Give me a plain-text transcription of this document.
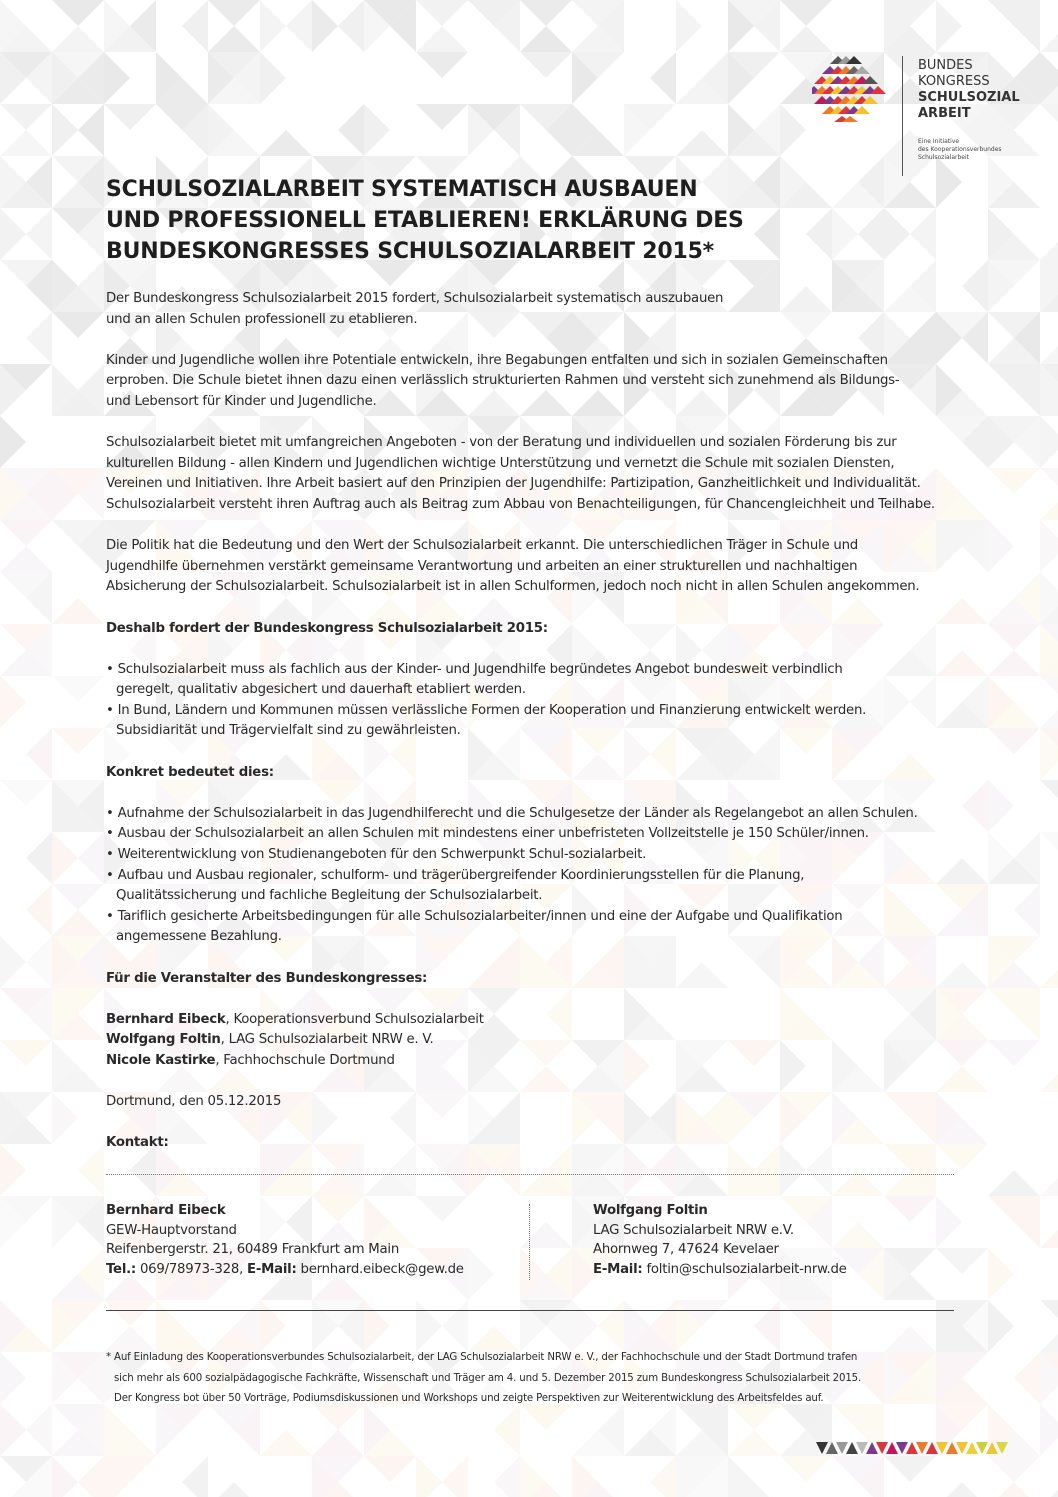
BUNDES
KONGRESS
SCHULSOZIAL
ARBEIT
Eine Initiative
des Kooperationsverbundes
Schulsozialarbeit
SCHULSOZIALARBEIT SYSTEMATISCH AUSBAUEN
UND PROFESSIONELL ETABLIEREN! ERKLÄRUNG DES
BUNDESKONGRESSES SCHULSOZIALARBEIT 2015*
Der Bundeskongress Schulsozialarbeit 2015 fordert, Schulsozialarbeit systematisch auszubauen
und an allen Schulen professionell zu etablieren.
Kinder und Jugendliche wollen ihre Potentiale entwickeln, ihre Begabungen entfalten und sich in sozialen Gemeinschaften
erproben. Die Schule bietet ihnen dazu einen verlässlich strukturierten Rahmen und versteht sich zunehmend als Bildungs-
und Lebensort für Kinder und Jugendliche.
Schulsozialarbeit bietet mit umfangreichen Angeboten - von der Beratung und individuellen und sozialen Förderung bis zur
kulturellen Bildung - allen Kindern und Jugendlichen wichtige Unterstützung und vernetzt die Schule mit sozialen Diensten,
Vereinen und Initiativen. Ihre Arbeit basiert auf den Prinzipien der Jugendhilfe: Partizipation, Ganzheitlichkeit und Individualität.
Schulsozialarbeit versteht ihren Auftrag auch als Beitrag zum Abbau von Benachteiligungen, für Chancengleichheit und Teilhabe.
Die Politik hat die Bedeutung und den Wert der Schulsozialarbeit erkannt. Die unterschiedlichen Träger in Schule und
Jugendhilfe übernehmen verstärkt gemeinsame Verantwortung und arbeiten an einer strukturellen und nachhaltigen
Absicherung der Schulsozialarbeit. Schulsozialarbeit ist in allen Schulformen, jedoch noch nicht in allen Schulen angekommen.
Deshalb fordert der Bundeskongress Schulsozialarbeit 2015:
• Schulsozialarbeit muss als fachlich aus der Kinder- und Jugendhilfe begründetes Angebot bundesweit verbindlich
geregelt, qualitativ abgesichert und dauerhaft etabliert werden.
• In Bund, Ländern und Kommunen müssen verlässliche Formen der Kooperation und Finanzierung entwickelt werden.
Subsidiarität und Trägervielfalt sind zu gewährleisten.
Konkret bedeutet dies:
• Aufnahme der Schulsozialarbeit in das Jugendhilferecht und die Schulgesetze der Länder als Regelangebot an allen Schulen.
• Ausbau der Schulsozialarbeit an allen Schulen mit mindestens einer unbefristeten Vollzeitstelle je 150 Schüler/innen.
• Weiterentwicklung von Studienangeboten für den Schwerpunkt Schul-sozialarbeit.
• Aufbau und Ausbau regionaler, schulform- und trägerübergreifender Koordinierungsstellen für die Planung,
Qualitätssicherung und fachliche Begleitung der Schulsozialarbeit.
• Tariflich gesicherte Arbeitsbedingungen für alle Schulsozialarbeiter/innen und eine der Aufgabe und Qualifikation
angemessene Bezahlung.
Für die Veranstalter des Bundeskongresses:
Bernhard Eibeck, Kooperationsverbund Schulsozialarbeit
Wolfgang Foltin, LAG Schulsozialarbeit NRW e. V.
Nicole Kastirke, Fachhochschule Dortmund
Dortmund, den 05.12.2015
Kontakt:
Bernhard Eibeck
GEW-Hauptvorstand
Reifenbergerstr. 21, 60489 Frankfurt am Main
Tel.: 069/78973-328, E-Mail: bernhard.eibeck@gew.de
Wolfgang Foltin
LAG Schulsozialarbeit NRW e.V.
Ahornweg 7, 47624 Kevelaer
E-Mail: foltin@schulsozialarbeit-nrw.de
* Auf Einladung des Kooperationsverbundes Schulsozialarbeit, der LAG Schulsozialarbeit NRW e. V., der Fachhochschule und der Stadt Dortmund trafen
sich mehr als 600 sozialpädagogische Fachkräfte, Wissenschaft und Träger am 4. und 5. Dezember 2015 zum Bundeskongress Schulsozialarbeit 2015.
Der Kongress bot über 50 Vorträge, Podiumsdiskussionen und Workshops und zeigte Perspektiven zur Weiterentwicklung des Arbeitsfeldes auf.
